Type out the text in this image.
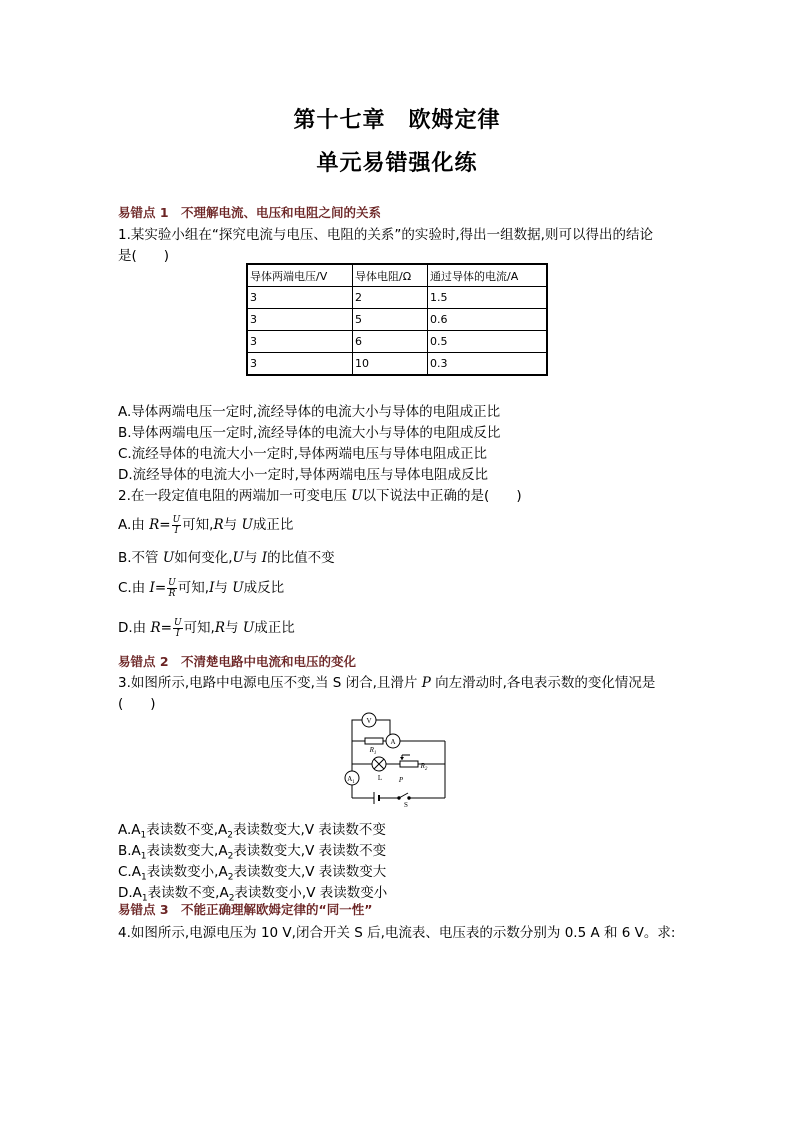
第十七章　欧姆定律
单元易错强化练
易错点 1　不理解电流、电压和电阻之间的关系
1.某实验小组在“探究电流与电压、电阻的关系”的实验时,得出一组数据,则可以得出的结论
是(　　)
导体两端电压/V	导体电阻/Ω	通过导体的电流/A
3	2	1.5
3	5	0.6
3	6	0.5
3	10	0.3
A.导体两端电压一定时,流经导体的电流大小与导体的电阻成正比
B.导体两端电压一定时,流经导体的电流大小与导体的电阻成反比
C.流经导体的电流大小一定时,导体两端电压与导体电阻成正比
D.流经导体的电流大小一定时,导体两端电压与导体电阻成反比
2.在一段定值电阻的两端加一可变电压 U以下说法中正确的是(　　)
A.由 $R= \frac{U}{I}$ 可知,R与 U成正比
B.不管 U如何变化,U与 I的比值不变
C.由 $I= \frac{U}{R}$ 可知,I与 U成反比
D.由 $R= \frac{U}{I}$ 可知,R与 U成正比
易错点 2　不清楚电路中电流和电压的变化
3.如图所示,电路中电源电压不变,当 S 闭合,且滑片 P 向左滑动时,各电表示数的变化情况是
(　　)
V
A
$A_1$
$R_1$
$R_2$
L P
S
$A.A_1$表读数不变$,A_2$表读数变大,V 表读数不变
$B.A_1$表读数变大$,A_2$表读数变大,V 表读数不变
$C.A_1$表读数变小$,A_2$表读数变大,V 表读数变大
$D.A_1$表读数不变$,A_2$表读数变小,V 表读数变小
易错点 3　不能正确理解欧姆定律的“同一性”
4.如图所示,电源电压为 10 V,闭合开关 S 后,电流表、电压表的示数分别为 0.5 A 和 6 V。求:
